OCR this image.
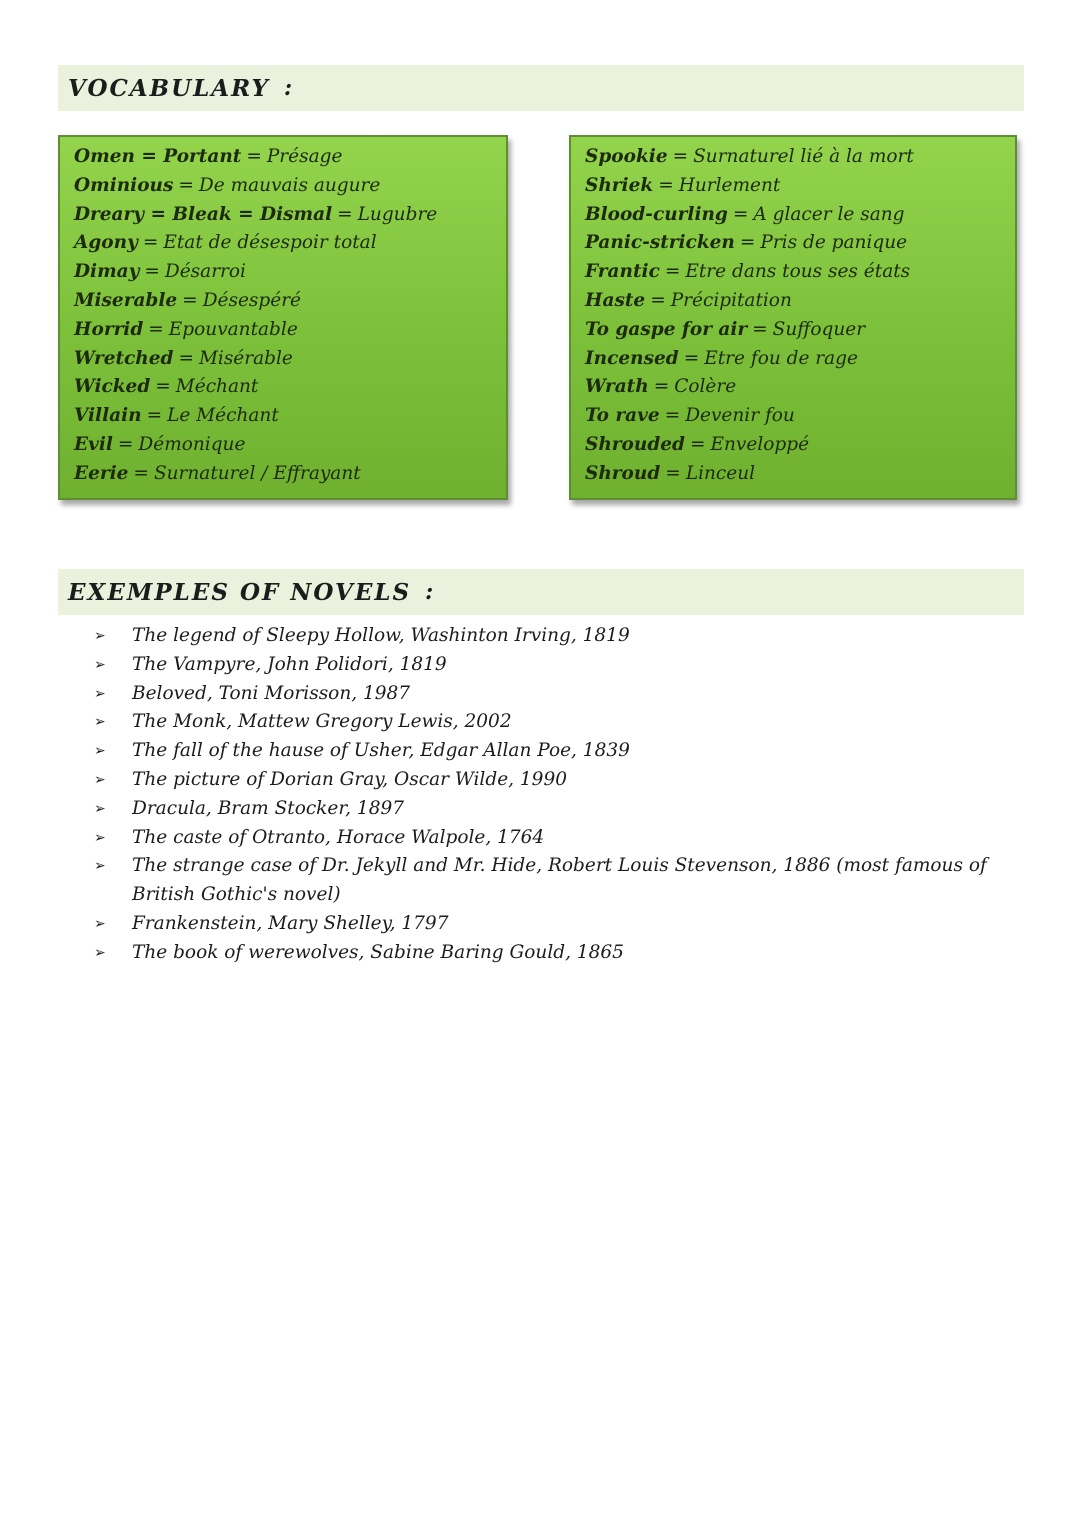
VOCABULARY :
Omen = Portant = Présage
Ominious = De mauvais augure
Dreary = Bleak = Dismal = Lugubre
Agony = Etat de désespoir total
Dimay = Désarroi
Miserable = Désespéré
Horrid = Epouvantable
Wretched = Misérable
Wicked = Méchant
Villain = Le Méchant
Evil = Démonique
Eerie = Surnaturel / Effrayant
Spookie = Surnaturel lié à la mort
Shriek = Hurlement
Blood-curling = A glacer le sang
Panic-stricken = Pris de panique
Frantic = Etre dans tous ses états
Haste = Précipitation
To gaspe for air = Suffoquer
Incensed = Etre fou de rage
Wrath = Colère
To rave = Devenir fou
Shrouded = Enveloppé
Shroud = Linceul
EXEMPLES OF NOVELS :
➢ The legend of Sleepy Hollow, Washinton Irving, 1819
➢ The Vampyre, John Polidori, 1819
➢ Beloved, Toni Morisson, 1987
➢ The Monk, Mattew Gregory Lewis, 2002
➢ The fall of the hause of Usher, Edgar Allan Poe, 1839
➢ The picture of Dorian Gray, Oscar Wilde, 1990
➢ Dracula, Bram Stocker, 1897
➢ The caste of Otranto, Horace Walpole, 1764
➢ The strange case of Dr. Jekyll and Mr. Hide, Robert Louis Stevenson, 1886 (most famous of British Gothic's novel)
➢ Frankenstein, Mary Shelley, 1797
➢ The book of werewolves, Sabine Baring Gould, 1865
